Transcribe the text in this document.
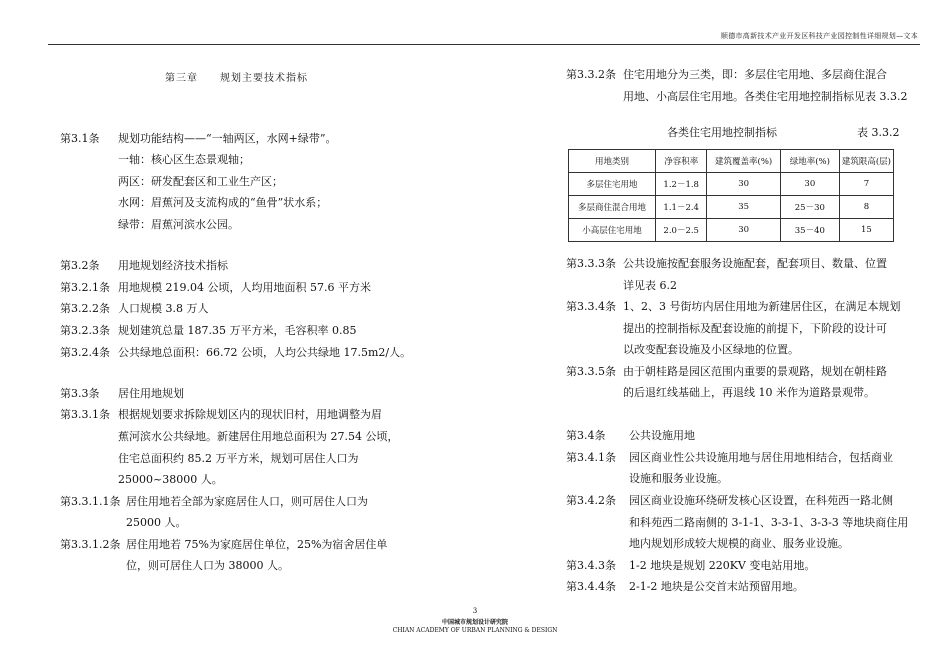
顺德市高新技术产业开发区科技产业园控制性详细规划—文本
第三章 规划主要技术指标
第3.1条 规划功能结构——“一轴两区，水网+绿带”。
一轴：核心区生态景观轴；
两区：研发配套区和工业生产区；
水网：眉蕉河及支流构成的“鱼骨”状水系；
绿带：眉蕉河滨水公园。
第3.2条 用地规划经济技术指标
第3.2.1条 用地规模 219.04 公顷，人均用地面积 57.6 平方米
第3.2.2条 人口规模 3.8 万人
第3.2.3条 规划建筑总量 187.35 万平方米，毛容积率 0.85
第3.2.4条 公共绿地总面积：66.72 公顷，人均公共绿地 17.5m2/人。
第3.3条 居住用地规划
第3.3.1条 根据规划要求拆除规划区内的现状旧村，用地调整为眉
蕉河滨水公共绿地。新建居住用地总面积为 27.54 公顷，
住宅总面积约 85.2 万平方米，规划可居住人口为
25000~38000 人。
第3.3.1.1条 居住用地若全部为家庭居住人口，则可居住人口为
25000 人。
第3.3.1.2条 居住用地若 75%为家庭居住单位，25%为宿舍居住单
位，则可居住人口为 38000 人。
第3.3.2条 住宅用地分为三类，即：多层住宅用地、多层商住混合
用地、小高层住宅用地。各类住宅用地控制指标见表 3.3.2
各类住宅用地控制指标	表 3.3.2
用地类别	净容积率	建筑覆盖率(%)	绿地率(%)	建筑限高(层)
多层住宅用地	1.2－1.8	30	30	7
多层商住混合用地	1.1－2.4	35	25－30	8
小高层住宅用地	2.0－2.5	30	35－40	15
第3.3.3条 公共设施按配套服务设施配套，配套项目、数量、位置
详见表 6.2
第3.3.4条 1、2、3 号街坊内居住用地为新建居住区，在满足本规划
提出的控制指标及配套设施的前提下，下阶段的设计可
以改变配套设施及小区绿地的位置。
第3.3.5条 由于朝桂路是园区范围内重要的景观路，规划在朝桂路
的后退红线基础上，再退线 10 米作为道路景观带。
第3.4条 公共设施用地
第3.4.1条 园区商业性公共设施用地与居住用地相结合，包括商业
设施和服务业设施。
第3.4.2条 园区商业设施环绕研发核心区设置，在科苑西一路北侧
和科苑西二路南侧的 3-1-1、3-3-1、3-3-3 等地块商住用
地内规划形成较大规模的商业、服务业设施。
第3.4.3条 1-2 地块是规划 220KV 变电站用地。
第3.4.4条 2-1-2 地块是公交首末站预留用地。
3
中国城市规划设计研究院
CHIAN ACADEMY OF URBAN PLANNING & DESIGN
